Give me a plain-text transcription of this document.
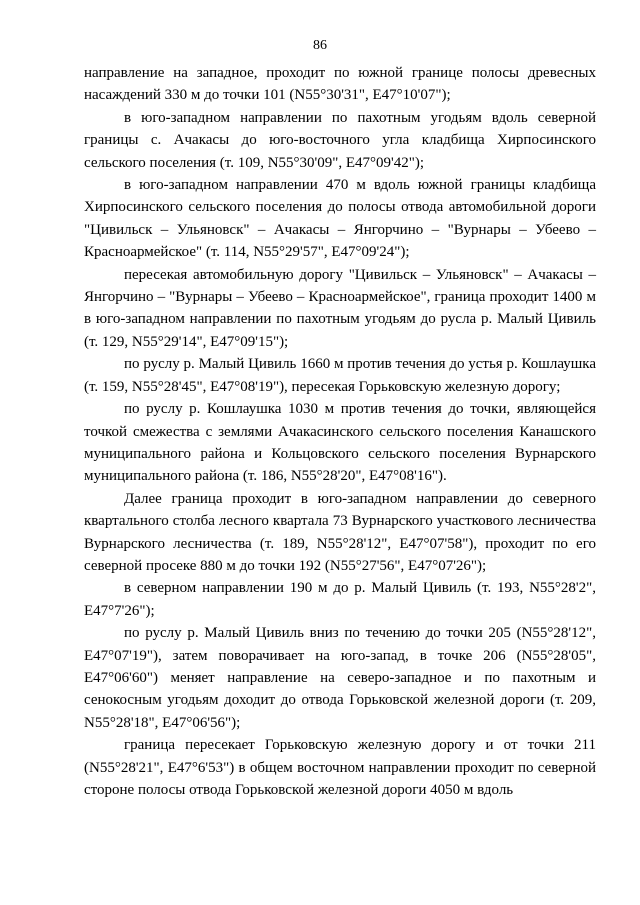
86

направление на западное, проходит по южной границе полосы древесных насаждений 330 м до точки 101 (N55°30'31", E47°10'07");

в юго-западном направлении по пахотным угодьям вдоль северной границы с. Ачакасы до юго-восточного угла кладбища Хирпосинского сельского поселения (т. 109, N55°30'09", E47°09'42");

в юго-западном направлении 470 м вдоль южной границы кладбища Хирпосинского сельского поселения до полосы отвода автомобильной дороги "Цивильск – Ульяновск" – Ачакасы – Янгорчино – "Вурнары – Убеево – Красноармейское" (т. 114, N55°29'57", E47°09'24");

пересекая автомобильную дорогу "Цивильск – Ульяновск" – Ачакасы – Янгорчино – "Вурнары – Убеево – Красноармейское", граница проходит 1400 м в юго-западном направлении по пахотным угодьям до русла р. Малый Цивиль (т. 129, N55°29'14", E47°09'15");

по руслу р. Малый Цивиль 1660 м против течения до устья р. Кошлаушка (т. 159, N55°28'45", E47°08'19"), пересекая Горьковскую железную дорогу;

по руслу р. Кошлаушка 1030 м против течения до точки, являющейся точкой смежества с землями Ачакасинского сельского поселения Канашского муниципального района и Кольцовского сельского поселения Вурнарского муниципального района (т. 186, N55°28'20", E47°08'16").

Далее граница проходит в юго-западном направлении до северного квартального столба лесного квартала 73 Вурнарского участкового лесничества Вурнарского лесничества (т. 189, N55°28'12", E47°07'58"), проходит по его северной просеке 880 м до точки 192 (N55°27'56", E47°07'26");

в северном направлении 190 м до р. Малый Цивиль (т. 193, N55°28'2", E47°7'26");

по руслу р. Малый Цивиль вниз по течению до точки 205 (N55°28'12", E47°07'19"), затем поворачивает на юго-запад, в точке 206 (N55°28'05", E47°06'60") меняет направление на северо-западное и по пахотным и сенокосным угодьям доходит до отвода Горьковской железной дороги (т. 209, N55°28'18", E47°06'56");

граница пересекает Горьковскую железную дорогу и от точки 211 (N55°28'21", E47°6'53") в общем восточном направлении проходит по северной стороне полосы отвода Горьковской железной дороги 4050 м вдоль
